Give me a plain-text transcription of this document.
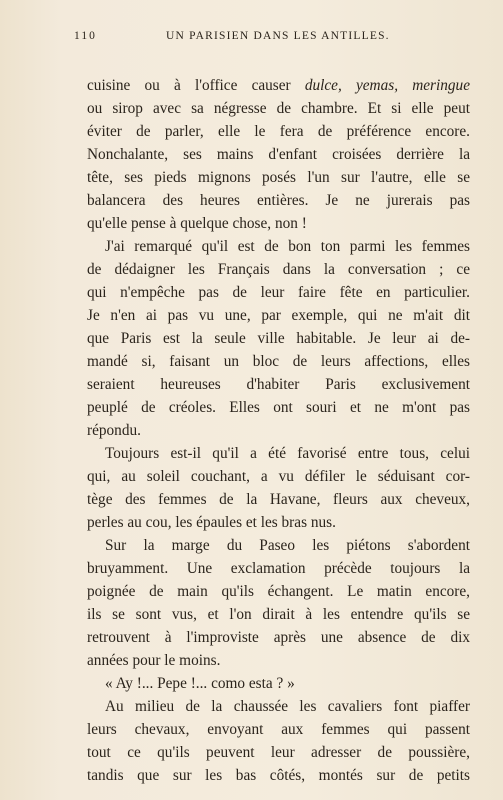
110	UN PARISIEN DANS LES ANTILLES.
cuisine ou à l'office causer dulce, yemas, meringue
ou sirop avec sa négresse de chambre. Et si elle peut
éviter de parler, elle le fera de préférence encore.
Nonchalante, ses mains d'enfant croisées derrière la
tête, ses pieds mignons posés l'un sur l'autre, elle se
balancera des heures entières. Je ne jurerais pas
qu'elle pense à quelque chose, non !
J'ai remarqué qu'il est de bon ton parmi les femmes
de dédaigner les Français dans la conversation ; ce
qui n'empêche pas de leur faire fête en particulier.
Je n'en ai pas vu une, par exemple, qui ne m'ait dit
que Paris est la seule ville habitable. Je leur ai de-
mandé si, faisant un bloc de leurs affections, elles
seraient heureuses d'habiter Paris exclusivement
peuplé de créoles. Elles ont souri et ne m'ont pas
répondu.
Toujours est-il qu'il a été favorisé entre tous, celui
qui, au soleil couchant, a vu défiler le séduisant cor-
tège des femmes de la Havane, fleurs aux cheveux,
perles au cou, les épaules et les bras nus.
Sur la marge du Paseo les piétons s'abordent
bruyamment. Une exclamation précède toujours la
poignée de main qu'ils échangent. Le matin encore,
ils se sont vus, et l'on dirait à les entendre qu'ils se
retrouvent à l'improviste après une absence de dix
années pour le moins.
« Ay !... Pepe !... como esta ? »
Au milieu de la chaussée les cavaliers font piaffer
leurs chevaux, envoyant aux femmes qui passent
tout ce qu'ils peuvent leur adresser de poussière,
tandis que sur les bas côtés, montés sur de petits
